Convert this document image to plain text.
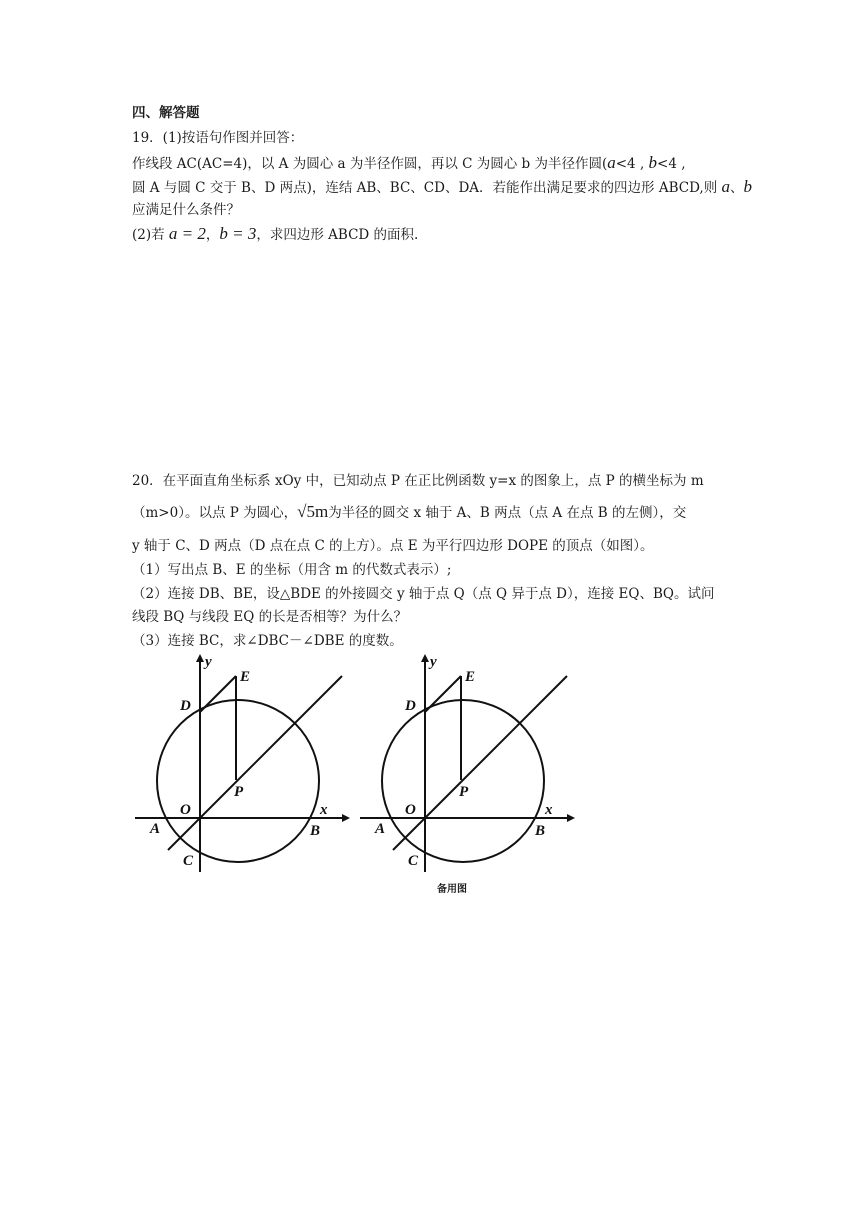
四、解答题
19．(1)按语句作图并回答：
作线段 AC(AC=4)，以 A 为圆心 a 为半径作圆，再以 C 为圆心 b 为半径作圆(a<4 , b<4 ,
圆 A 与圆 C 交于 B、D 两点)，连结 AB、BC、CD、DA．若能作出满足要求的四边形 ABCD,则 a、b
应满足什么条件？
(2)若 a = 2，b = 3，求四边形 ABCD 的面积.
20．在平面直角坐标系 xOy 中，已知动点 P 在正比例函数 y=x 的图象上，点 P 的横坐标为 m
（m>0）。以点 P 为圆心，√5m为半径的圆交 x 轴于 A、B 两点（点 A 在点 B 的左侧），交
y 轴于 C、D 两点（D 点在点 C 的上方）。点 E 为平行四边形 DOPE 的顶点（如图）。
（1）写出点 B、E 的坐标（用含 m 的代数式表示）;
（2）连接 DB、BE，设△BDE 的外接圆交 y 轴于点 Q（点 Q 异于点 D），连接 EQ、BQ。试问
线段 BQ 与线段 EQ 的长是否相等？为什么？
（3）连接 BC，求∠DBC－∠DBE 的度数。
y
E
D
O
P
x
A	B
C
y
E
D
O
P
x
A	B
C
备用图
